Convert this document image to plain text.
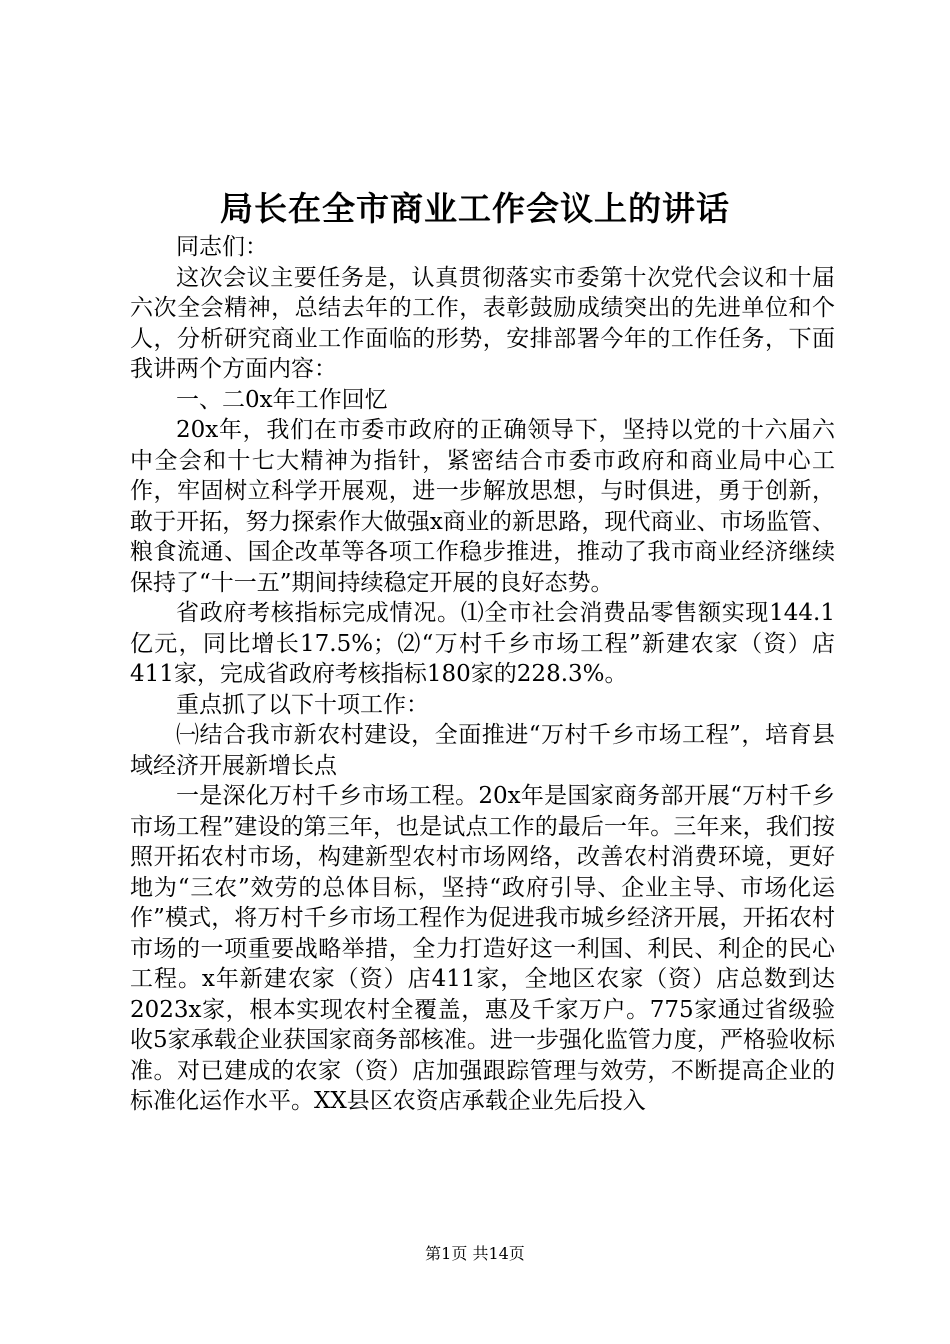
局长在全市商业工作会议上的讲话

同志们：

这次会议主要任务是，认真贯彻落实市委第十次党代会议和十届六次全会精神，总结去年的工作，表彰鼓励成绩突出的先进单位和个人，分析研究商业工作面临的形势，安排部署今年的工作任务，下面我讲两个方面内容：

一、二0x年工作回忆

20x年，我们在市委市政府的正确领导下，坚持以党的十六届六中全会和十七大精神为指针，紧密结合市委市政府和商业局中心工作，牢固树立科学开展观，进一步解放思想，与时俱进，勇于创新，敢于开拓，努力探索作大做强x商业的新思路，现代商业、市场监管、粮食流通、国企改革等各项工作稳步推进，推动了我市商业经济继续保持了“十一五”期间持续稳定开展的良好态势。

省政府考核指标完成情况。⑴全市社会消费品零售额实现144.1亿元，同比增长17.5%；⑵“万村千乡市场工程”新建农家（资）店411家，完成省政府考核指标180家的228.3%。

重点抓了以下十项工作：

㈠结合我市新农村建设，全面推进“万村千乡市场工程”，培育县域经济开展新增长点

一是深化万村千乡市场工程。20x年是国家商务部开展“万村千乡市场工程”建设的第三年，也是试点工作的最后一年。三年来，我们按照开拓农村市场，构建新型农村市场网络，改善农村消费环境，更好地为“三农”效劳的总体目标，坚持“政府引导、企业主导、市场化运作”模式，将万村千乡市场工程作为促进我市城乡经济开展，开拓农村市场的一项重要战略举措，全力打造好这一利国、利民、利企的民心工程。x年新建农家（资）店411家，全地区农家（资）店总数到达2023x家，根本实现农村全覆盖，惠及千家万户。775家通过省级验收5家承载企业获国家商务部核准。进一步强化监管力度，严格验收标准。对已建成的农家（资）店加强跟踪管理与效劳，不断提高企业的标准化运作水平。XX县区农资店承载企业先后投入

第1页 共14页
